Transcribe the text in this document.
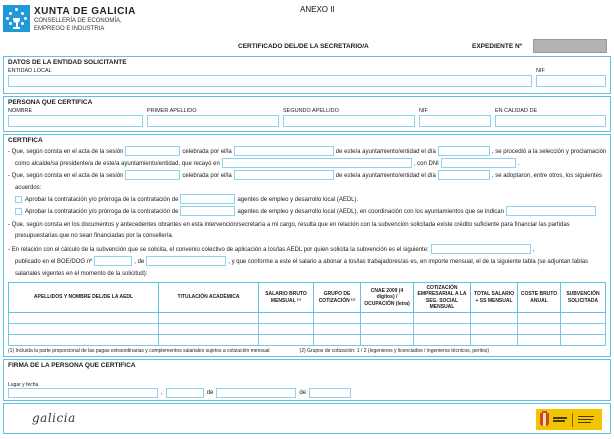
XUNTA DE GALICIA
CONSELLERÍA DE ECONOMÍA,
EMPREGO E INDUSTRIA
ANEXO II
CERTIFICADO DEL/DE LA SECRETARIO/A	EXPEDIENTE Nº
DATOS DE LA ENTIDAD SOLICITANTE
ENTIDAD LOCAL	NIF
PERSONA QUE CERTIFICA
NOMBRE	PRIMER APELLIDO	SEGUNDO APELLIDO	NIF	EN CALIDAD DE
CERTIFICA
- Que, según consta en el acta de la sesión	celebrada por el/la	de este/a ayuntamiento/entidad el día	, se procedió a la selección y proclamación
como alcalde/sa presidente/a de este/a ayuntamiento/entidad, que recayó en	, con DNI	.
- Que, según consta en el acta de la sesión	celebrada por el/la	de este/a ayuntamiento/entidad el día	, se adoptaron, entre otros, los siguientes
acuerdos:
Aprobar la contratación y/o prórroga de la contratación de	agentes de empleo y desarrollo local (AEDL).
Aprobar la contratación y/o prórroga de la contratación de	agentes de empleo y desarrollo local (AEDL), en coordinación con los ayuntamientos que se indican
- Que, según consta en los documentos y antecedentes obrantes en esta intervención/secretaría a mi cargo, resulta que en relación con la subvención solicitada existe crédito suficiente para financiar las partidas presupuestarias que no sean financiadas por la consellería.
- En relación con el cálculo de la subvención que se solicita, el convenio colectivo de aplicación a los/las AEDL por quien solicita la subvención es el siguiente:	,
publicado en el BOE/DOG nº	, de	, y que conforme a este el salario a abonar a los/las trabajadores/as es, en importe mensual, el de la siguiente tabla (se adjuntan tablas
salariales vigentes en el momento de la solicitud):
APELLIDOS Y NOMBRE DEL/DE LA AEDL	TITULACIÓN ACADÉMICA	SALARIO BRUTO MENSUAL ⁽¹⁾	GRUPO DE COTIZACIÓN ⁽²⁾	CNAE 2009 (4 dígitos) / OCUPACIÓN (letra)	COTIZACIÓN EMPRESARIAL A LA SEG. SOCIAL MENSUAL	TOTAL SALARIO + SS MENSUAL	COSTE BRUTO ANUAL	SUBVENCIÓN SOLICITADA

(1) Incluida la parte proporcional de las pagas extraordinarias y complementos salariales sujetos a cotización mensual	(2) Grupos de cotización: 1 / 2 (ingenieros y licenciados / ingenieros técnicos, peritos)
FIRMA DE LA PERSONA QUE CERTIFICA
Lugar y fecha
,	de	de
galicia
